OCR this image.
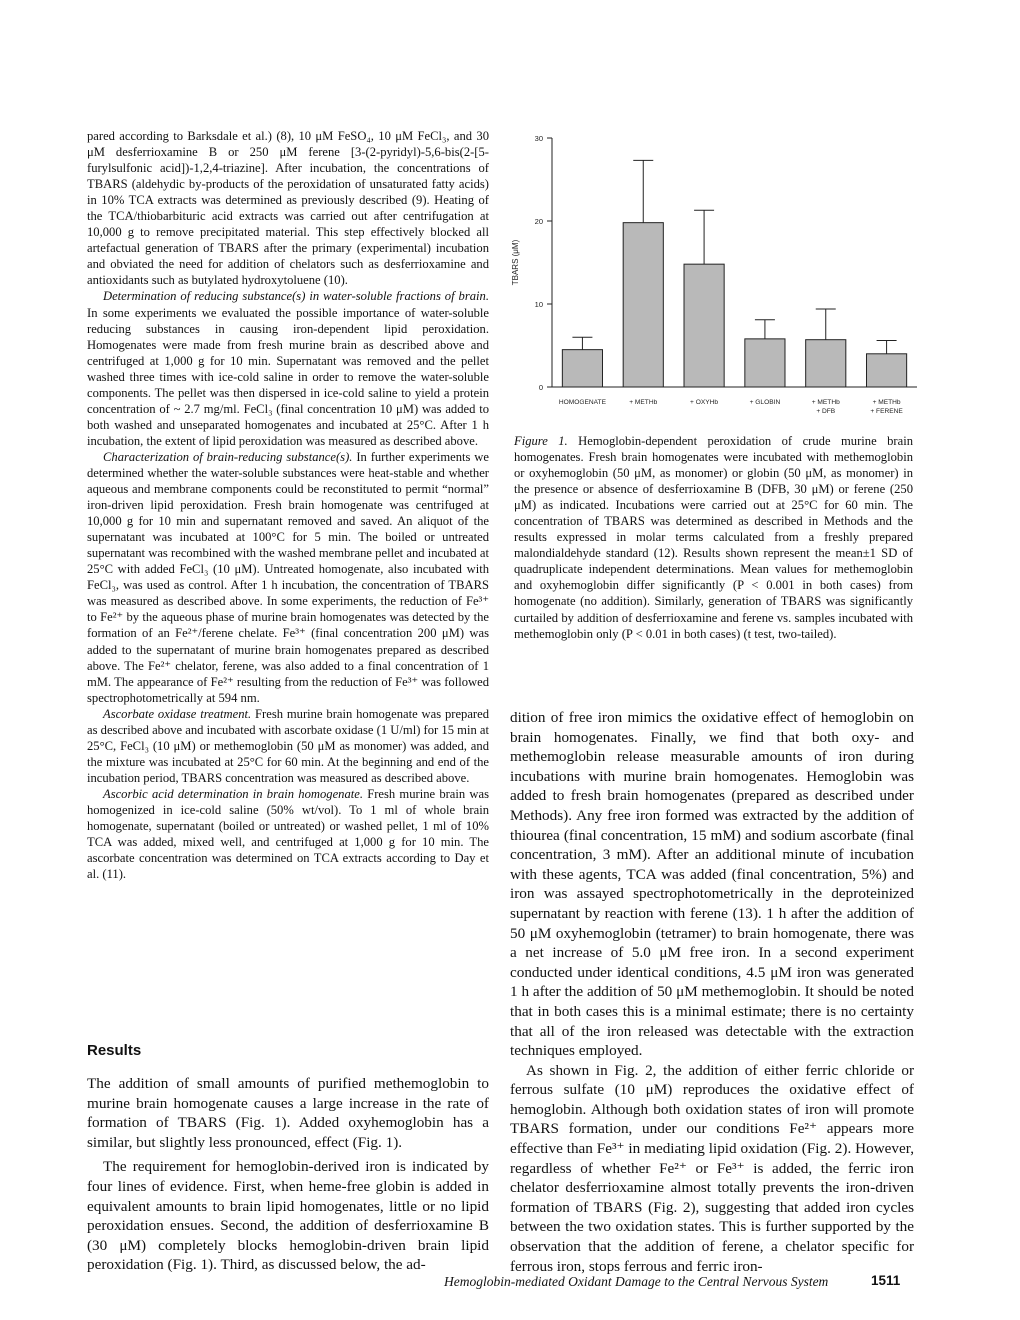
pared according to Barksdale et al.) (8), 10 μM FeSO₄, 10 μM FeCl₃, and 30 μM desferrioxamine B or 250 μM ferene [3-(2-pyridyl)-5,6-bis(2-[5-furylsulfonic acid])-1,2,4-triazine]. After incubation, the concentrations of TBARS (aldehydic by-products of the peroxidation of unsaturated fatty acids) in 10% TCA extracts was determined as previously described (9). Heating of the TCA/thiobarbituric acid extracts was carried out after centrifugation at 10,000 g to remove precipitated material. This step effectively blocked all artefactual generation of TBARS after the primary (experimental) incubation and obviated the need for addition of chelators such as desferrioxamine and antioxidants such as butylated hydroxytoluene (10).

Determination of reducing substance(s) in water-soluble fractions of brain. In some experiments we evaluated the possible importance of water-soluble reducing substances in causing iron-dependent lipid peroxidation. Homogenates were made from fresh murine brain as described above and centrifuged at 1,000 g for 10 min. Supernatant was removed and the pellet washed three times with ice-cold saline in order to remove the water-soluble components. The pellet was then dispersed in ice-cold saline to yield a protein concentration of ~ 2.7 mg/ml. FeCl₃ (final concentration 10 μM) was added to both washed and unseparated homogenates and incubated at 25°C. After 1 h incubation, the extent of lipid peroxidation was measured as described above.

Characterization of brain-reducing substance(s). In further experiments we determined whether the water-soluble substances were heat-stable and whether aqueous and membrane components could be reconstituted to permit “normal” iron-driven lipid peroxidation. Fresh brain homogenate was centrifuged at 10,000 g for 10 min and supernatant removed and saved. An aliquot of the supernatant was incubated at 100°C for 5 min. The boiled or untreated supernatant was recombined with the washed membrane pellet and incubated at 25°C with added FeCl₃ (10 μM). Untreated homogenate, also incubated with FeCl₃, was used as control. After 1 h incubation, the concentration of TBARS was measured as described above. In some experiments, the reduction of Fe³⁺ to Fe²⁺ by the aqueous phase of murine brain homogenates was detected by the formation of an Fe²⁺/ferene chelate. Fe³⁺ (final concentration 200 μM) was added to the supernatant of murine brain homogenates prepared as described above. The Fe²⁺ chelator, ferene, was also added to a final concentration of 1 mM. The appearance of Fe²⁺ resulting from the reduction of Fe³⁺ was followed spectrophotometrically at 594 nm.

Ascorbate oxidase treatment. Fresh murine brain homogenate was prepared as described above and incubated with ascorbate oxidase (1 U/ml) for 15 min at 25°C, FeCl₃ (10 μM) or methemoglobin (50 μM as monomer) was added, and the mixture was incubated at 25°C for 60 min. At the beginning and end of the incubation period, TBARS concentration was measured as described above.

Ascorbic acid determination in brain homogenate. Fresh murine brain was homogenized in ice-cold saline (50% wt/vol). To 1 ml of whole brain homogenate, supernatant (boiled or untreated) or washed pellet, 1 ml of 10% TCA was added, mixed well, and centrifuged at 1,000 g for 10 min. The ascorbate concentration was determined on TCA extracts according to Day et al. (11).

Results

The addition of small amounts of purified methemoglobin to murine brain homogenate causes a large increase in the rate of formation of TBARS (Fig. 1). Added oxyhemoglobin has a similar, but slightly less pronounced, effect (Fig. 1).

The requirement for hemoglobin-derived iron is indicated by four lines of evidence. First, when heme-free globin is added in equivalent amounts to brain lipid homogenates, little or no lipid peroxidation ensues. Second, the addition of desferrioxamine B (30 μM) completely blocks hemoglobin-driven brain lipid peroxidation (Fig. 1). Third, as discussed below, the ad-

0
10
20
30
TBARS (μM)
HOMOGENATE	+ METHb	+ OXYHb	+ GLOBIN	+ METHb
+ DFB
+ METHb
+ FERENE
Figure 1. Hemoglobin-dependent peroxidation of crude murine brain homogenates. Fresh brain homogenates were incubated with methemoglobin or oxyhemoglobin (50 μM, as monomer) or globin (50 μM, as monomer) in the presence or absence of desferrioxamine B (DFB, 30 μM) or ferene (250 μM) as indicated. Incubations were carried out at 25°C for 60 min. The concentration of TBARS was determined as described in Methods and the results expressed in molar terms calculated from a freshly prepared malondialdehyde standard (12). Results shown represent the mean±1 SD of quadruplicate independent determinations. Mean values for methemoglobin and oxyhemoglobin differ significantly (P < 0.001 in both cases) from homogenate (no addition). Similarly, generation of TBARS was significantly curtailed by addition of desferrioxamine and ferene vs. samples incubated with methemoglobin only (P < 0.01 in both cases) (t test, two-tailed).

dition of free iron mimics the oxidative effect of hemoglobin on brain homogenates. Finally, we find that both oxy- and methemoglobin release measurable amounts of iron during incubations with murine brain homogenates. Hemoglobin was added to fresh brain homogenates (prepared as described under Methods). Any free iron formed was extracted by the addition of thiourea (final concentration, 15 mM) and sodium ascorbate (final concentration, 3 mM). After an additional minute of incubation with these agents, TCA was added (final concentration, 5%) and iron was assayed spectrophotometrically in the deproteinized supernatant by reaction with ferene (13). 1 h after the addition of 50 μM oxyhemoglobin (tetramer) to brain homogenate, there was a net increase of 5.0 μM free iron. In a second experiment conducted under identical conditions, 4.5 μM iron was generated 1 h after the addition of 50 μM methemoglobin. It should be noted that in both cases this is a minimal estimate; there is no certainty that all of the iron released was detectable with the extraction techniques employed.

As shown in Fig. 2, the addition of either ferric chloride or ferrous sulfate (10 μM) reproduces the oxidative effect of hemoglobin. Although both oxidation states of iron will promote TBARS formation, under our conditions Fe²⁺ appears more effective than Fe³⁺ in mediating lipid oxidation (Fig. 2). However, regardless of whether Fe²⁺ or Fe³⁺ is added, the ferric iron chelator desferrioxamine almost totally prevents the iron-driven formation of TBARS (Fig. 2), suggesting that added iron cycles between the two oxidation states. This is further supported by the observation that the addition of ferene, a chelator specific for ferrous iron, stops ferrous and ferric iron-

Hemoglobin-mediated Oxidant Damage to the Central Nervous System	1511
